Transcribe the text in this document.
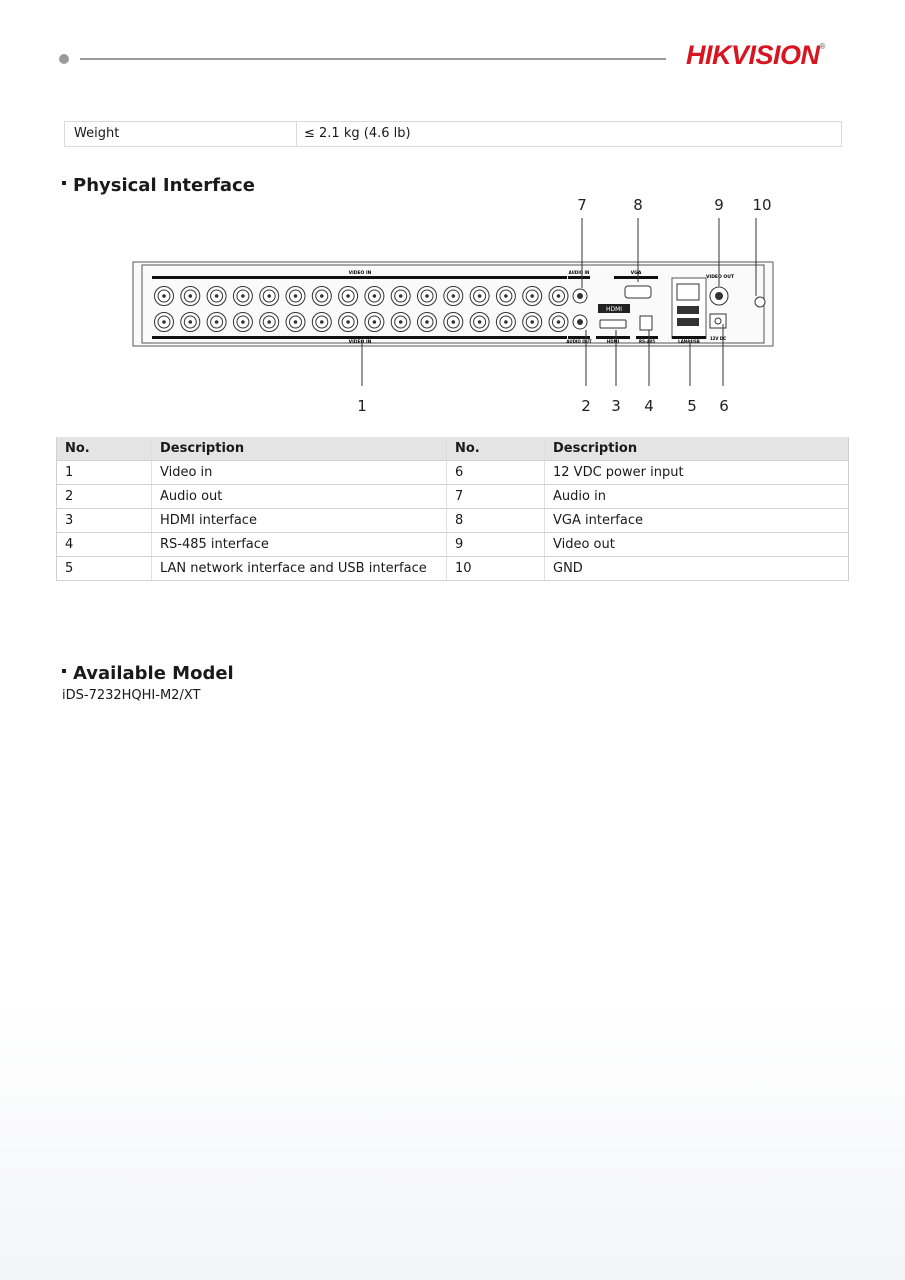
HIKVISION®
Weight	≤ 2.1 kg (4.6 lb)
Physical Interface
VIDEO IN
VIDEO IN
AUDIO IN
AUDIO OUT
VGA
HDMI
HDMI	RS-485	LAN&USB
VIDEO OUT
12V DC
1	2 3 4 5 6
7	8	9 10
No.	Description	No.	Description
1	Video in	6	12 VDC power input
2	Audio out	7	Audio in
3	HDMI interface	8	VGA interface
4	RS-485 interface	9	Video out
5	LAN network interface and USB interface	10	GND
Available Model
iDS-7232HQHI-M2/XT
